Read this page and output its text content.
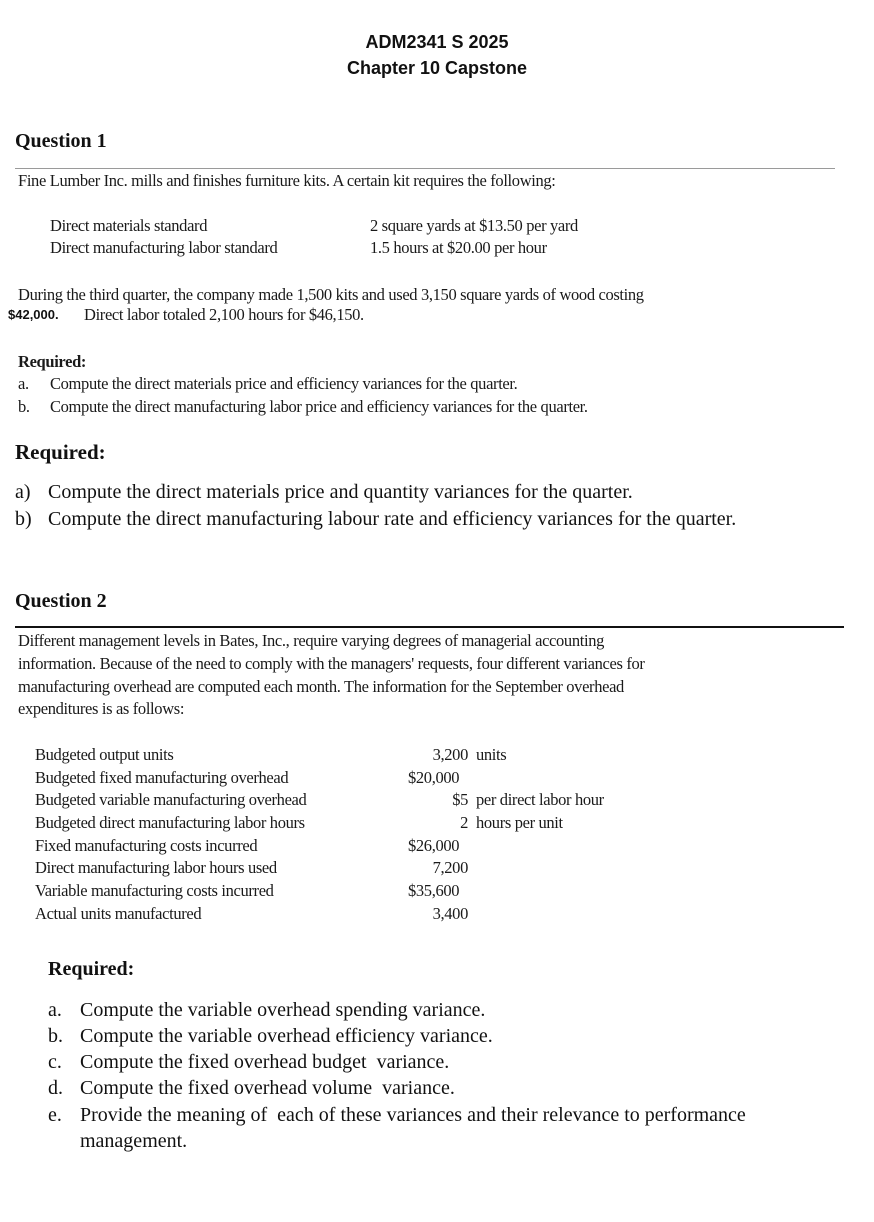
ADM2341 S 2025
Chapter 10 Capstone
Question 1
Fine Lumber Inc. mills and finishes furniture kits. A certain kit requires the following:
Direct materials standard	2 square yards at $13.50 per yard
Direct manufacturing labor standard	1.5 hours at $20.00 per hour
During the third quarter, the company made 1,500 kits and used 3,150 square yards of wood costing
$42,000. Direct labor totaled 2,100 hours for $46,150.
Required:
a. Compute the direct materials price and efficiency variances for the quarter.
b. Compute the direct manufacturing labor price and efficiency variances for the quarter.
Required:
a) Compute the direct materials price and quantity variances for the quarter.
b) Compute the direct manufacturing labour rate and efficiency variances for the quarter.
Question 2
Different management levels in Bates, Inc., require varying degrees of managerial accounting
information. Because of the need to comply with the managers' requests, four different variances for
manufacturing overhead are computed each month. The information for the September overhead
expenditures is as follows:
Budgeted output units	3,200 units
Budgeted fixed manufacturing overhead	$20,000
Budgeted variable manufacturing overhead	$5 per direct labor hour
Budgeted direct manufacturing labor hours	2 hours per unit
Fixed manufacturing costs incurred	$26,000
Direct manufacturing labor hours used	7,200
Variable manufacturing costs incurred	$35,600
Actual units manufactured	3,400
Required:
a. Compute the variable overhead spending variance.
b. Compute the variable overhead efficiency variance.
c. Compute the fixed overhead budget  variance.
d. Compute the fixed overhead volume  variance.
e. Provide the meaning of  each of these variances and their relevance to performance
management.
